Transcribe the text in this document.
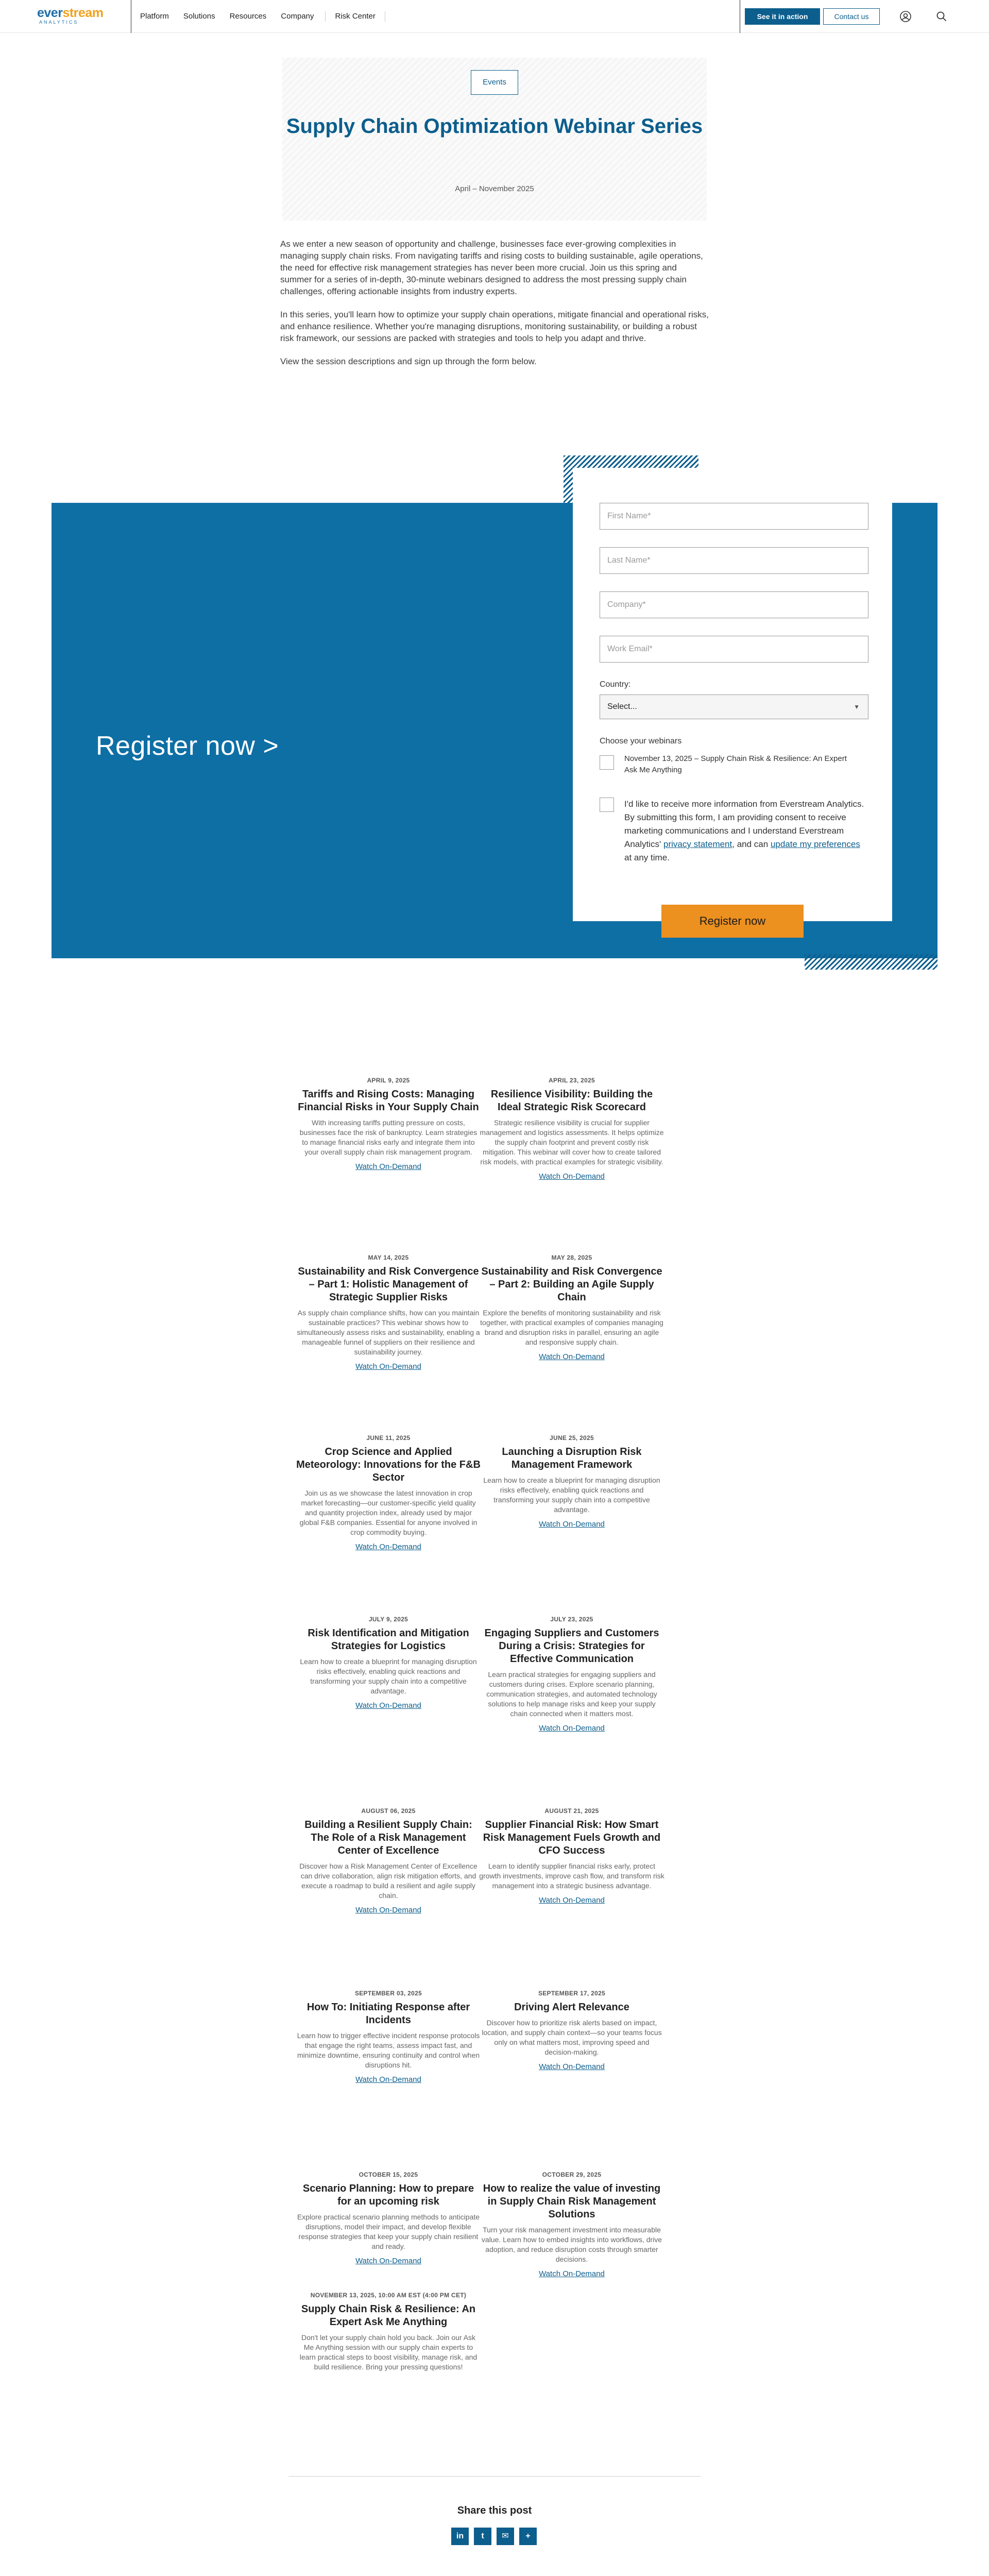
everstream
ANALYTICS
Platform Solutions Resources Company	Risk Center	See it in action	Contact us
Events
Supply Chain Optimization Webinar Series
April – November 2025

As we enter a new season of opportunity and challenge, businesses face ever-growing complexities in managing supply chain risks. From navigating tariffs and rising costs to building sustainable, agile operations, the need for effective risk management strategies has never been more crucial. Join us this spring and summer for a series of in-depth, 30-minute webinars designed to address the most pressing supply chain challenges, offering actionable insights from industry experts.

In this series, you'll learn how to optimize your supply chain operations, mitigate financial and operational risks, and enhance resilience. Whether you're managing disruptions, monitoring sustainability, or building a robust risk framework, our sessions are packed with strategies and tools to help you adapt and thrive.

View the session descriptions and sign up through the form below.

Register now >
First Name*
Last Name*
Company*
Work Email*
Country:
Select...	▼
Choose your webinars
November 13, 2025 – Supply Chain Risk & Resilience: An Expert Ask Me Anything
I'd like to receive more information from Everstream Analytics. By submitting this form, I am providing consent to receive marketing communications and I understand Everstream Analytics' privacy statement, and can update my preferences at any time.
Register now
APRIL 9, 2025
Tariffs and Rising Costs: Managing Financial Risks in Your Supply Chain
With increasing tariffs putting pressure on costs, businesses face the risk of bankruptcy. Learn strategies to manage financial risks early and integrate them into your overall supply chain risk management program.
Watch On-Demand
APRIL 23, 2025
Resilience Visibility: Building the Ideal Strategic Risk Scorecard
Strategic resilience visibility is crucial for supplier management and logistics assessments. It helps optimize the supply chain footprint and prevent costly risk mitigation. This webinar will cover how to create tailored risk models, with practical examples for strategic visibility.
Watch On-Demand
MAY 14, 2025
Sustainability and Risk Convergence – Part 1: Holistic Management of Strategic Supplier Risks
As supply chain compliance shifts, how can you maintain sustainable practices? This webinar shows how to simultaneously assess risks and sustainability, enabling a manageable funnel of suppliers on their resilience and sustainability journey.
Watch On-Demand
MAY 28, 2025
Sustainability and Risk Convergence – Part 2: Building an Agile Supply Chain
Explore the benefits of monitoring sustainability and risk together, with practical examples of companies managing brand and disruption risks in parallel, ensuring an agile and responsive supply chain.
Watch On-Demand
JUNE 11, 2025
Crop Science and Applied Meteorology: Innovations for the F&B Sector
Join us as we showcase the latest innovation in crop market forecasting—our customer-specific yield quality and quantity projection index, already used by major global F&B companies. Essential for anyone involved in crop commodity buying.
Watch On-Demand
JUNE 25, 2025
Launching a Disruption Risk Management Framework
Learn how to create a blueprint for managing disruption risks effectively, enabling quick reactions and transforming your supply chain into a competitive advantage.
Watch On-Demand
JULY 9, 2025
Risk Identification and Mitigation Strategies for Logistics
Learn how to create a blueprint for managing disruption risks effectively, enabling quick reactions and transforming your supply chain into a competitive advantage.
Watch On-Demand
JULY 23, 2025
Engaging Suppliers and Customers During a Crisis: Strategies for Effective Communication
Learn practical strategies for engaging suppliers and customers during crises. Explore scenario planning, communication strategies, and automated technology solutions to help manage risks and keep your supply chain connected when it matters most.
Watch On-Demand
AUGUST 06, 2025
Building a Resilient Supply Chain: The Role of a Risk Management Center of Excellence
Discover how a Risk Management Center of Excellence can drive collaboration, align risk mitigation efforts, and execute a roadmap to build a resilient and agile supply chain.
Watch On-Demand
AUGUST 21, 2025
Supplier Financial Risk: How Smart Risk Management Fuels Growth and CFO Success
Learn to identify supplier financial risks early, protect growth investments, improve cash flow, and transform risk management into a strategic business advantage.
Watch On-Demand
SEPTEMBER 03, 2025
How To: Initiating Response after Incidents
Learn how to trigger effective incident response protocols that engage the right teams, assess impact fast, and minimize downtime, ensuring continuity and control when disruptions hit.
Watch On-Demand
SEPTEMBER 17, 2025
Driving Alert Relevance
Discover how to prioritize risk alerts based on impact, location, and supply chain context—so your teams focus only on what matters most, improving speed and decision-making.
Watch On-Demand
OCTOBER 15, 2025
Scenario Planning: How to prepare for an upcoming risk
Explore practical scenario planning methods to anticipate disruptions, model their impact, and develop flexible response strategies that keep your supply chain resilient and ready.
Watch On-Demand
OCTOBER 29, 2025
How to realize the value of investing in Supply Chain Risk Management Solutions
Turn your risk management investment into measurable value. Learn how to embed insights into workflows, drive adoption, and reduce disruption costs through smarter decisions.
Watch On-Demand
NOVEMBER 13, 2025, 10:00 AM EST (4:00 PM CET)
Supply Chain Risk & Resilience: An Expert Ask Me Anything
Don't let your supply chain hold you back. Join our Ask Me Anything session with our supply chain experts to learn practical steps to boost visibility, manage risk, and build resilience. Bring your pressing questions!
Share this post
in	t	✉	+
